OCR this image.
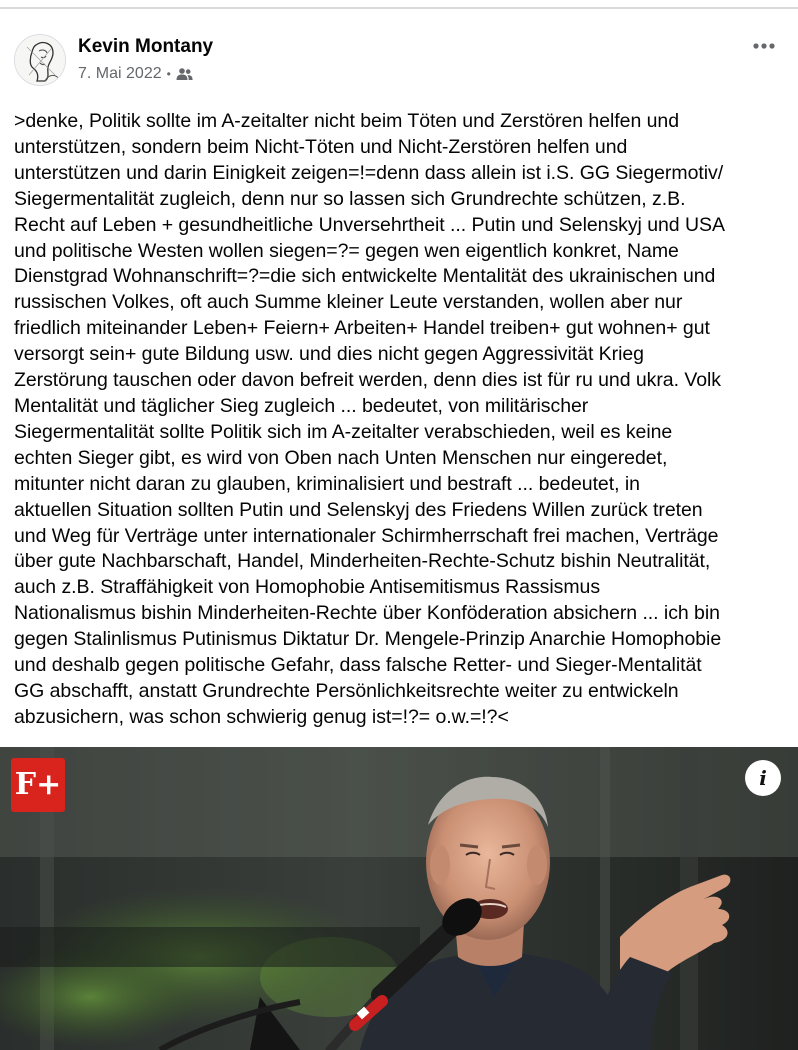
Kevin Montany
7. Mai 2022 •
>denke, Politik sollte im A-zeitalter nicht beim Töten und Zerstören helfen und
unterstützen, sondern beim Nicht-Töten und Nicht-Zerstören helfen und
unterstützen und darin Einigkeit zeigen=!=denn dass allein ist i.S. GG Siegermotiv/
Siegermentalität zugleich, denn nur so lassen sich Grundrechte schützen, z.B.
Recht auf Leben + gesundheitliche Unversehrtheit ... Putin und Selenskyj und USA
und politische Westen wollen siegen=?= gegen wen eigentlich konkret, Name
Dienstgrad Wohnanschrift=?=die sich entwickelte Mentalität des ukrainischen und
russischen Volkes, oft auch Summe kleiner Leute verstanden, wollen aber nur
friedlich miteinander Leben+ Feiern+ Arbeiten+ Handel treiben+ gut wohnen+ gut
versorgt sein+ gute Bildung usw. und dies nicht gegen Aggressivität Krieg
Zerstörung tauschen oder davon befreit werden, denn dies ist für ru und ukra. Volk
Mentalität und täglicher Sieg zugleich ... bedeutet, von militärischer
Siegermentalität sollte Politik sich im A-zeitalter verabschieden, weil es keine
echten Sieger gibt, es wird von Oben nach Unten Menschen nur eingeredet,
mitunter nicht daran zu glauben, kriminalisiert und bestraft ... bedeutet, in
aktuellen Situation sollten Putin und Selenskyj des Friedens Willen zurück treten
und Weg für Verträge unter internationaler Schirmherrschaft frei machen, Verträge
über gute Nachbarschaft, Handel, Minderheiten-Rechte-Schutz bishin Neutralität,
auch z.B. Straffähigkeit von Homophobie Antisemitismus Rassismus
Nationalismus bishin Minderheiten-Rechte über Konföderation absichern ... ich bin
gegen Stalinlismus Putinismus Diktatur Dr. Mengele-Prinzip Anarchie Homophobie
und deshalb gegen politische Gefahr, dass falsche Retter- und Sieger-Mentalität
GG abschafft, anstatt Grundrechte Persönlichkeitsrechte weiter zu entwickeln
abzusichern, was schon schwierig genug ist=!?= o.w.=!?<
F+	i
